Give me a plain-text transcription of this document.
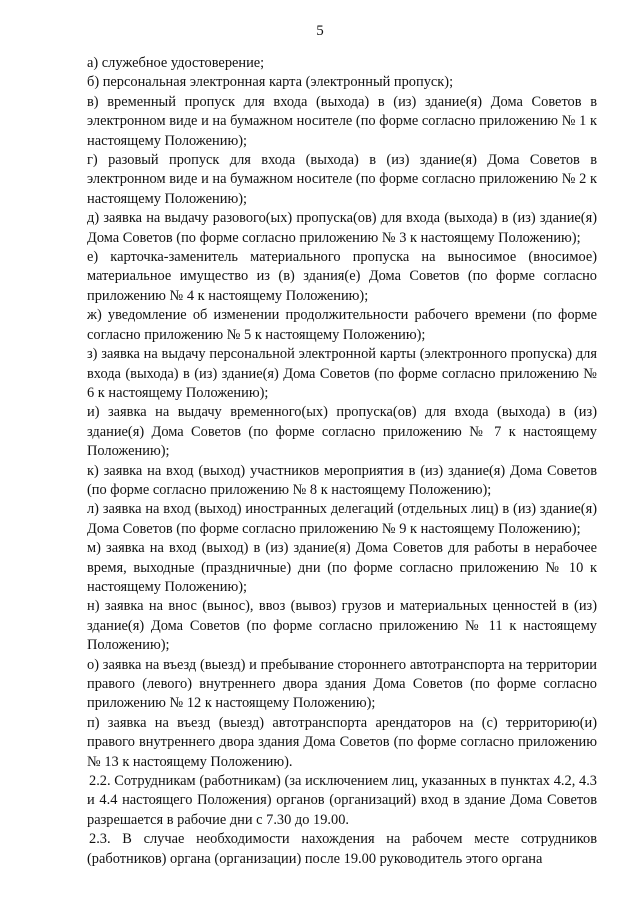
5

а) служебное удостоверение;

б) персональная электронная карта (электронный пропуск);

в) временный пропуск для входа (выхода) в (из) здание(я) Дома Советов в электронном виде и на бумажном носителе (по форме согласно приложению № 1 к настоящему Положению);

г) разовый пропуск для входа (выхода) в (из) здание(я) Дома Советов в электронном виде и на бумажном носителе (по форме согласно приложению № 2 к настоящему Положению);

д) заявка на выдачу разового(ых) пропуска(ов) для входа (выхода) в (из) здание(я) Дома Советов (по форме согласно приложению № 3 к настоящему Положению);

е) карточка-заменитель материального пропуска на выносимое (вносимое) материальное имущество из (в) здания(е) Дома Советов (по форме согласно приложению № 4 к настоящему Положению);

ж) уведомление об изменении продолжительности рабочего времени (по форме согласно приложению № 5 к настоящему Положению);

з) заявка на выдачу персональной электронной карты (электронного пропуска) для входа (выхода) в (из) здание(я) Дома Советов (по форме согласно приложению № 6 к настоящему Положению);

и) заявка на выдачу временного(ых) пропуска(ов) для входа (выхода) в (из) здание(я) Дома Советов (по форме согласно приложению № 7 к настоящему Положению);

к) заявка на вход (выход) участников мероприятия в (из) здание(я) Дома Советов (по форме согласно приложению № 8 к настоящему Положению);

л) заявка на вход (выход) иностранных делегаций (отдельных лиц) в (из) здание(я) Дома Советов (по форме согласно приложению № 9 к настоящему Положению);

м) заявка на вход (выход) в (из) здание(я) Дома Советов для работы в нерабочее время, выходные (праздничные) дни (по форме согласно приложению № 10 к настоящему Положению);

н) заявка на внос (вынос), ввоз (вывоз) грузов и материальных ценностей в (из) здание(я) Дома Советов (по форме согласно приложению № 11 к настоящему Положению);

о) заявка на въезд (выезд) и пребывание стороннего автотранспорта на территории правого (левого) внутреннего двора здания Дома Советов (по форме согласно приложению № 12 к настоящему Положению);

п) заявка на въезд (выезд) автотранспорта арендаторов на (с) территорию(и) правого внутреннего двора здания Дома Советов (по форме согласно приложению № 13 к настоящему Положению).

2.2. Сотрудникам (работникам) (за исключением лиц, указанных в пунктах 4.2, 4.3 и 4.4 настоящего Положения) органов (организаций) вход в здание Дома Советов разрешается в рабочие дни с 7.30 до 19.00.

2.3. В случае необходимости нахождения на рабочем месте сотрудников (работников) органа (организации) после 19.00 руководитель этого органа
